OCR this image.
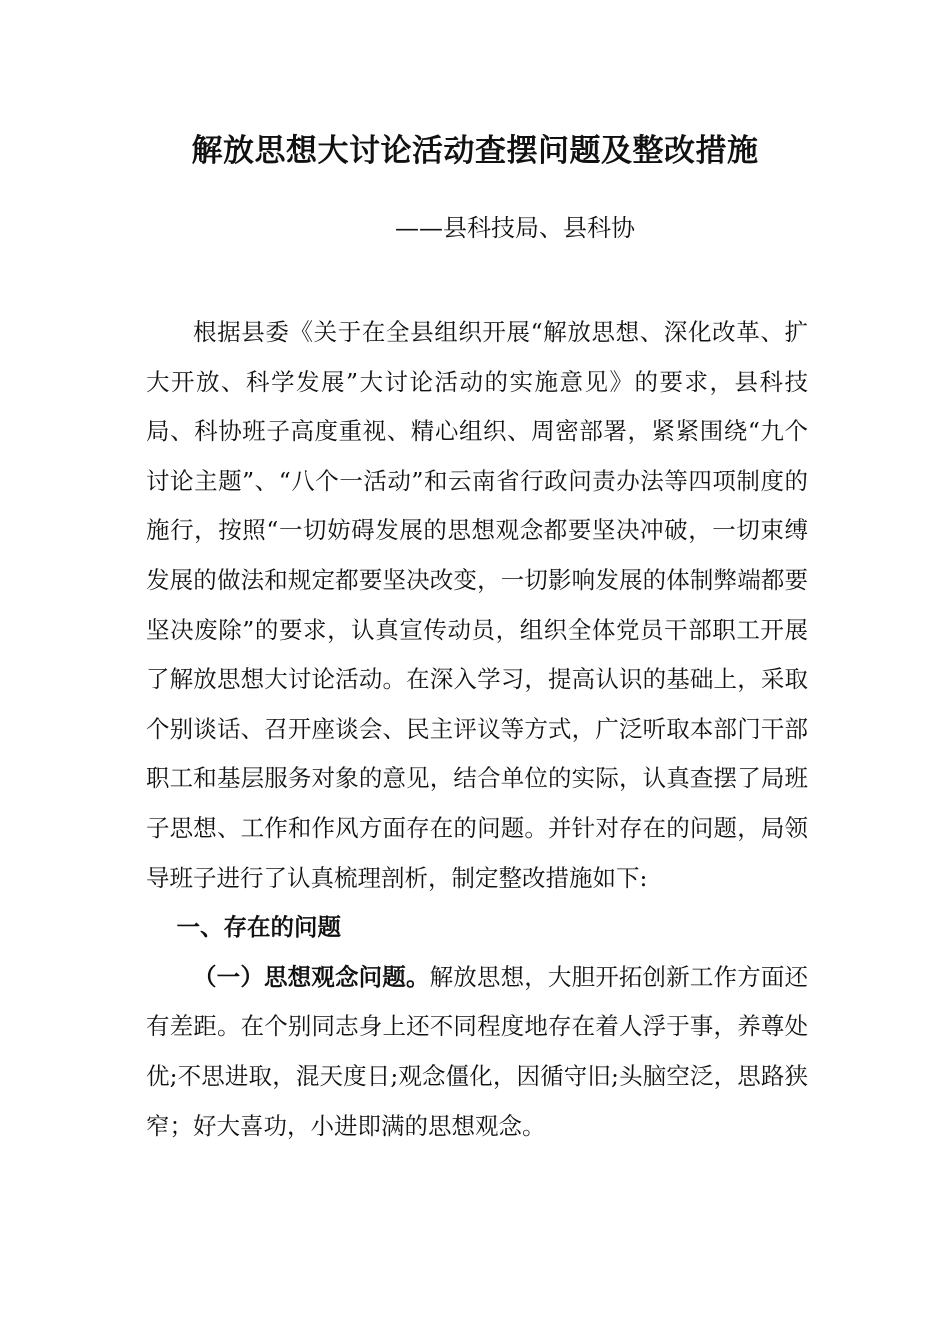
解放思想大讨论活动查摆问题及整改措施

——县科技局、县科协

根据县委《关于在全县组织开展“解放思想、深化改革、扩大开放、科学发展”大讨论活动的实施意见》的要求，县科技局、科协班子高度重视、精心组织、周密部署，紧紧围绕“九个讨论主题”、“八个一活动”和云南省行政问责办法等四项制度的施行，按照“一切妨碍发展的思想观念都要坚决冲破，一切束缚发展的做法和规定都要坚决改变，一切影响发展的体制弊端都要坚决废除”的要求，认真宣传动员，组织全体党员干部职工开展了解放思想大讨论活动。在深入学习，提高认识的基础上，采取个别谈话、召开座谈会、民主评议等方式，广泛听取本部门干部职工和基层服务对象的意见，结合单位的实际，认真查摆了局班子思想、工作和作风方面存在的问题。并针对存在的问题，局领导班子进行了认真梳理剖析，制定整改措施如下:

一、存在的问题

（一）思想观念问题。解放思想，大胆开拓创新工作方面还有差距。在个别同志身上还不同程度地存在着人浮于事，养尊处优;不思进取，混天度日;观念僵化，因循守旧;头脑空泛，思路狭窄；好大喜功，小进即满的思想观念。
